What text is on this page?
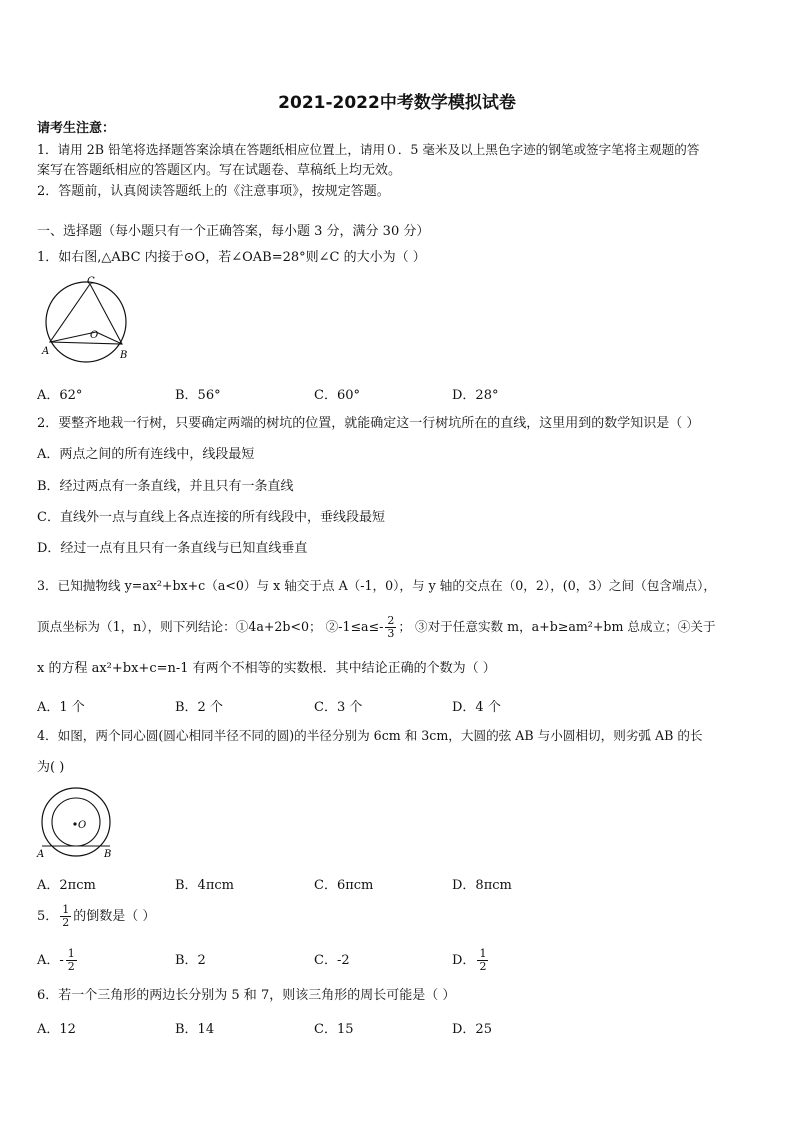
2021-2022中考数学模拟试卷
请考生注意：
1．请用 2B 铅笔将选择题答案涂填在答题纸相应位置上，请用０．5 毫米及以上黑色字迹的钢笔或签字笔将主观题的答
案写在答题纸相应的答题区内。写在试题卷、草稿纸上均无效。
2．答题前，认真阅读答题纸上的《注意事项》，按规定答题。
一、选择题（每小题只有一个正确答案，每小题 3 分，满分 30 分）
1．如右图,△ABC 内接于⊙O，若∠OAB=28°则∠C 的大小为（ ）
C
O
A	B
A．62°	B．56°	C．60°	D．28°
2．要整齐地栽一行树，只要确定两端的树坑的位置，就能确定这一行树坑所在的直线，这里用到的数学知识是（ ）
A．两点之间的所有连线中，线段最短
B．经过两点有一条直线，并且只有一条直线
C．直线外一点与直线上各点连接的所有线段中，垂线段最短
D．经过一点有且只有一条直线与已知直线垂直
3．已知抛物线 y=ax²+bx+c（a<0）与 x 轴交于点 A（-1，0），与 y 轴的交点在（0，2），(0，3）之间（包含端点），
顶点坐标为（1，n），则下列结论：①4a+2b<0； ②-1≤a≤- $\frac{2}{3}$ ； ③对于任意实数 m，a+b≥am²+bm 总成立；④关于
x 的方程 ax²+bx+c=n-1 有两个不相等的实数根．其中结论正确的个数为（ ）
A．1 个	B．2 个	C．3 个	D．4 个
4．如图，两个同心圆(圆心相同半径不同的圆)的半径分别为 6cm 和 3cm，大圆的弦 AB 与小圆相切，则劣弧 AB 的长
为( )
O
A	B
A．2πcm	B．4πcm	C．6πcm	D．8πcm
5． $\frac{1}{2}$ 的倒数是（ ）
A．- $\frac{1}{2}$	B．2	C．-2	D． $\frac{1}{2}$
6．若一个三角形的两边长分别为 5 和 7，则该三角形的周长可能是（ ）
A．12	B．14	C．15	D．25
